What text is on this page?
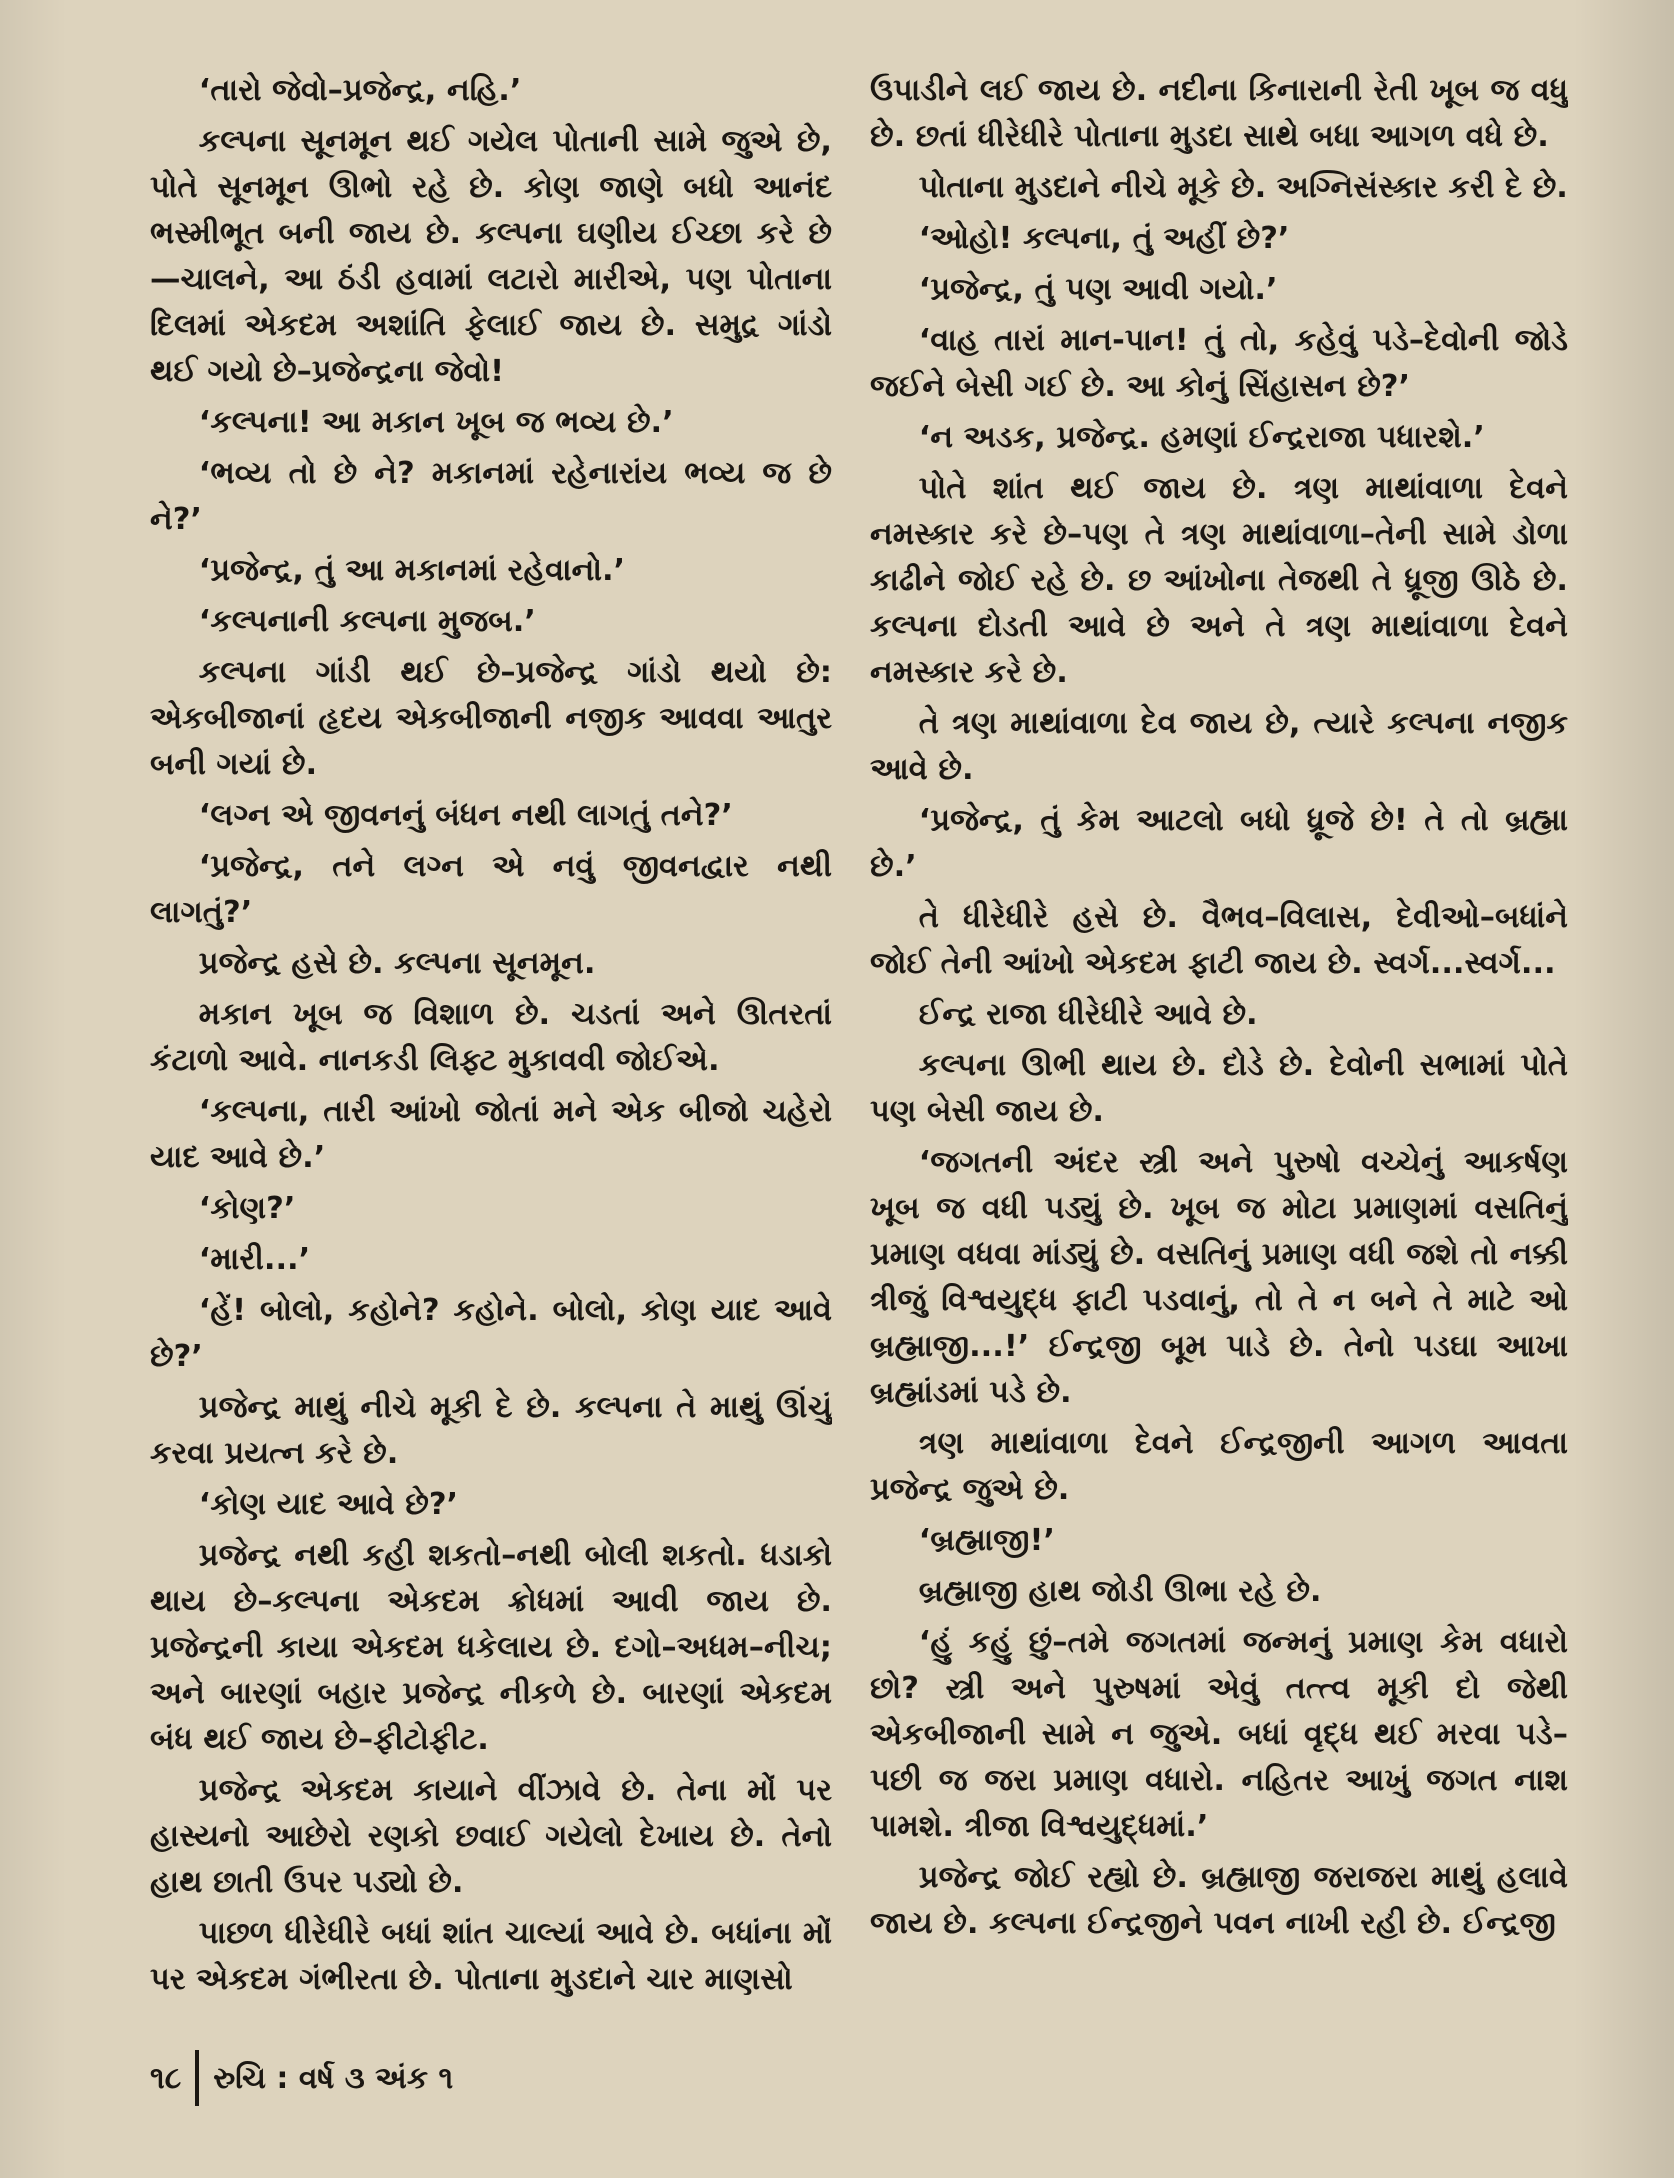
‘તારો જેવો–પ્રજેન્દ્ર, નહિ.’

કલ્પના સૂનમૂન થઈ ગયેલ પોતાની સામે જુએ છે, પોતે સૂનમૂન ઊભો રહે છે. કોણ જાણે બધો આનંદ ભસ્મીભૂત બની જાય છે. કલ્પના ઘણીય ઈચ્છા કરે છે—ચાલને, આ ઠંડી હવામાં લટારો મારીએ, પણ પોતાના દિલમાં એકદમ અશાંતિ ફેલાઈ જાય છે. સમુદ્ર ગાંડો થઈ ગયો છે–પ્રજેન્દ્રના જેવો!

‘કલ્પના! આ મકાન ખૂબ જ ભવ્ય છે.’

‘ભવ્ય તો છે ને? મકાનમાં રહેનારાંય ભવ્ય જ છે ને?’

‘પ્રજેન્દ્ર, તું આ મકાનમાં રહેવાનો.’

‘કલ્પનાની કલ્પના મુજબ.’

કલ્પના ગાંડી થઈ છે–પ્રજેન્દ્ર ગાંડો થયો છે: એકબીજાનાં હૃદય એકબીજાની નજીક આવવા આતુર બની ગયાં છે.

‘લગ્ન એ જીવનનું બંધન નથી લાગતું તને?’

‘પ્રજેન્દ્ર, તને લગ્ન એ નવું જીવનદ્વાર નથી લાગતું?’

પ્રજેન્દ્ર હસે છે. કલ્પના સૂનમૂન.

મકાન ખૂબ જ વિશાળ છે. ચડતાં અને ઊતરતાં કંટાળો આવે. નાનકડી લિફ્ટ મુકાવવી જોઈએ.

‘કલ્પના, તારી આંખો જોતાં મને એક બીજો ચહેરો યાદ આવે છે.’

‘કોણ?’

‘મારી...’

‘હેં! બોલો, કહોને? કહોને. બોલો, કોણ યાદ આવે છે?’

પ્રજેન્દ્ર માથું નીચે મૂકી દે છે. કલ્પના તે માથું ઊંચું કરવા પ્રયત્ન કરે છે.

‘કોણ યાદ આવે છે?’

પ્રજેન્દ્ર નથી કહી શકતો–નથી બોલી શકતો. ધડાકો થાય છે–કલ્પના એકદમ ક્રોધમાં આવી જાય છે. પ્રજેન્દ્રની કાયા એકદમ ધકેલાય છે. દગો–અધમ–નીચ; અને બારણાં બહાર પ્રજેન્દ્ર નીકળે છે. બારણાં એકદમ બંધ થઈ જાય છે–ફીટોફીટ.

પ્રજેન્દ્ર એકદમ કાયાને વીંઝાવે છે. તેના મોં પર હાસ્યનો આછેરો રણકો છવાઈ ગયેલો દેખાય છે. તેનો હાથ છાતી ઉપર પડ્યો છે.

પાછળ ધીરેધીરે બધાં શાંત ચાલ્યાં આવે છે. બધાંના મોં પર એકદમ ગંભીરતા છે. પોતાના મુડદાને ચાર માણસો

ઉપાડીને લઈ જાય છે. નદીના કિનારાની રેતી ખૂબ જ વધુ છે. છતાં ધીરેધીરે પોતાના મુડદા સાથે બધા આગળ વધે છે.

પોતાના મુડદાને નીચે મૂકે છે. અગ્નિસંસ્કાર કરી દે છે.

‘ઓહો! કલ્પના, તું અહીં છે?’

‘પ્રજેન્દ્ર, તું પણ આવી ગયો.’

‘વાહ તારાં માન-પાન! તું તો, કહેવું પડે–દેવોની જોડે જઈને બેસી ગઈ છે. આ કોનું સિંહાસન છે?’

‘ન અડક, પ્રજેન્દ્ર. હમણાં ઈન્દ્રરાજા પધારશે.’

પોતે શાંત થઈ જાય છે. ત્રણ માથાંવાળા દેવને નમસ્કાર કરે છે–પણ તે ત્રણ માથાંવાળા–તેની સામે ડોળા કાઢીને જોઈ રહે છે. છ આંખોના તેજથી તે ધ્રૂજી ઊઠે છે. કલ્પના દોડતી આવે છે અને તે ત્રણ માથાંવાળા દેવને નમસ્કાર કરે છે.

તે ત્રણ માથાંવાળા દેવ જાય છે, ત્યારે કલ્પના નજીક આવે છે.

‘પ્રજેન્દ્ર, તું કેમ આટલો બધો ધ્રૂજે છે! તે તો બ્રહ્મા છે.’

તે ધીરેધીરે હસે છે. વૈભવ–વિલાસ, દેવીઓ–બધાંને જોઈ તેની આંખો એકદમ ફાટી જાય છે. સ્વર્ગ...સ્વર્ગ...

ઈન્દ્ર રાજા ધીરેધીરે આવે છે.

કલ્પના ઊભી થાય છે. દોડે છે. દેવોની સભામાં પોતે પણ બેસી જાય છે.

‘જગતની અંદર સ્ત્રી અને પુરુષો વચ્ચેનું આકર્ષણ ખૂબ જ વધી પડ્યું છે. ખૂબ જ મોટા પ્રમાણમાં વસતિનું પ્રમાણ વધવા માંડ્યું છે. વસતિનું પ્રમાણ વધી જશે તો નક્કી ત્રીજું વિશ્વયુદ્ધ ફાટી પડવાનું, તો તે ન બને તે માટે ઓ બ્રહ્માજી...!’ ઈન્દ્રજી બૂમ પાડે છે. તેનો પડઘા આખા બ્રહ્માંડમાં પડે છે.

ત્રણ માથાંવાળા દેવને ઈન્દ્રજીની આગળ આવતા પ્રજેન્દ્ર જુએ છે.

‘બ્રહ્માજી!’

બ્રહ્માજી હાથ જોડી ઊભા રહે છે.

‘હું કહું છું–તમે જગતમાં જન્મનું પ્રમાણ કેમ વધારો છો? સ્ત્રી અને પુરુષમાં એવું તત્ત્વ મૂકી દો જેથી એકબીજાની સામે ન જુએ. બધાં વૃદ્ધ થઈ મરવા પડે–પછી જ જરા પ્રમાણ વધારો. નહિતર આખું જગત નાશ પામશે. ત્રીજા વિશ્વયુદ્ધમાં.’

પ્રજેન્દ્ર જોઈ રહ્યો છે. બ્રહ્માજી જરાજરા માથું હલાવે જાય છે. કલ્પના ઈન્દ્રજીને પવન નાખી રહી છે. ઈન્દ્રજી

૧૮ રુચિ : વર્ષ ૩ અંક ૧
